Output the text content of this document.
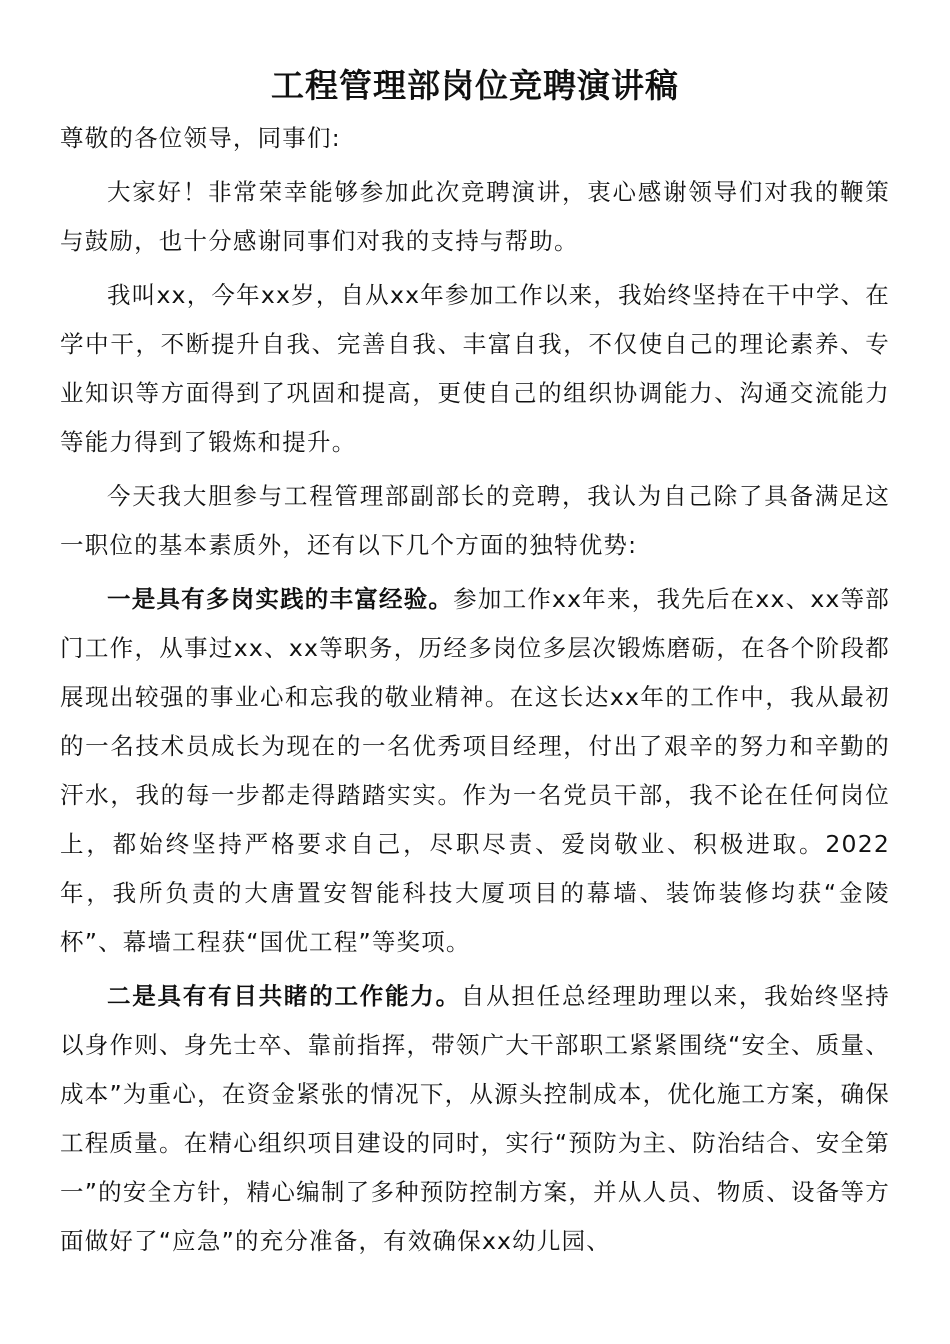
工程管理部岗位竞聘演讲稿

尊敬的各位领导，同事们:

大家好！非常荣幸能够参加此次竞聘演讲，衷心感谢领导们对我的鞭策与鼓励，也十分感谢同事们对我的支持与帮助。

我叫xx，今年xx岁，自从xx年参加工作以来，我始终坚持在干中学、在学中干，不断提升自我、完善自我、丰富自我，不仅使自己的理论素养、专业知识等方面得到了巩固和提高，更使自己的组织协调能力、沟通交流能力等能力得到了锻炼和提升。

今天我大胆参与工程管理部副部长的竞聘，我认为自己除了具备满足这一职位的基本素质外，还有以下几个方面的独特优势:

一是具有多岗实践的丰富经验。参加工作xx年来，我先后在xx、xx等部门工作，从事过xx、xx等职务，历经多岗位多层次锻炼磨砺，在各个阶段都展现出较强的事业心和忘我的敬业精神。在这长达xx年的工作中，我从最初的一名技术员成长为现在的一名优秀项目经理，付出了艰辛的努力和辛勤的汗水，我的每一步都走得踏踏实实。作为一名党员干部，我不论在任何岗位上，都始终坚持严格要求自己，尽职尽责、爱岗敬业、积极进取。2022年，我所负责的大唐置安智能科技大厦项目的幕墙、装饰装修均获“金陵杯”、幕墙工程获“国优工程”等奖项。

二是具有有目共睹的工作能力。自从担任总经理助理以来，我始终坚持以身作则、身先士卒、靠前指挥，带领广大干部职工紧紧围绕“安全、质量、成本”为重心，在资金紧张的情况下，从源头控制成本，优化施工方案，确保工程质量。在精心组织项目建设的同时，实行“预防为主、防治结合、安全第一”的安全方针，精心编制了多种预防控制方案，并从人员、物质、设备等方面做好了“应急”的充分准备，有效确保xx幼儿园、
